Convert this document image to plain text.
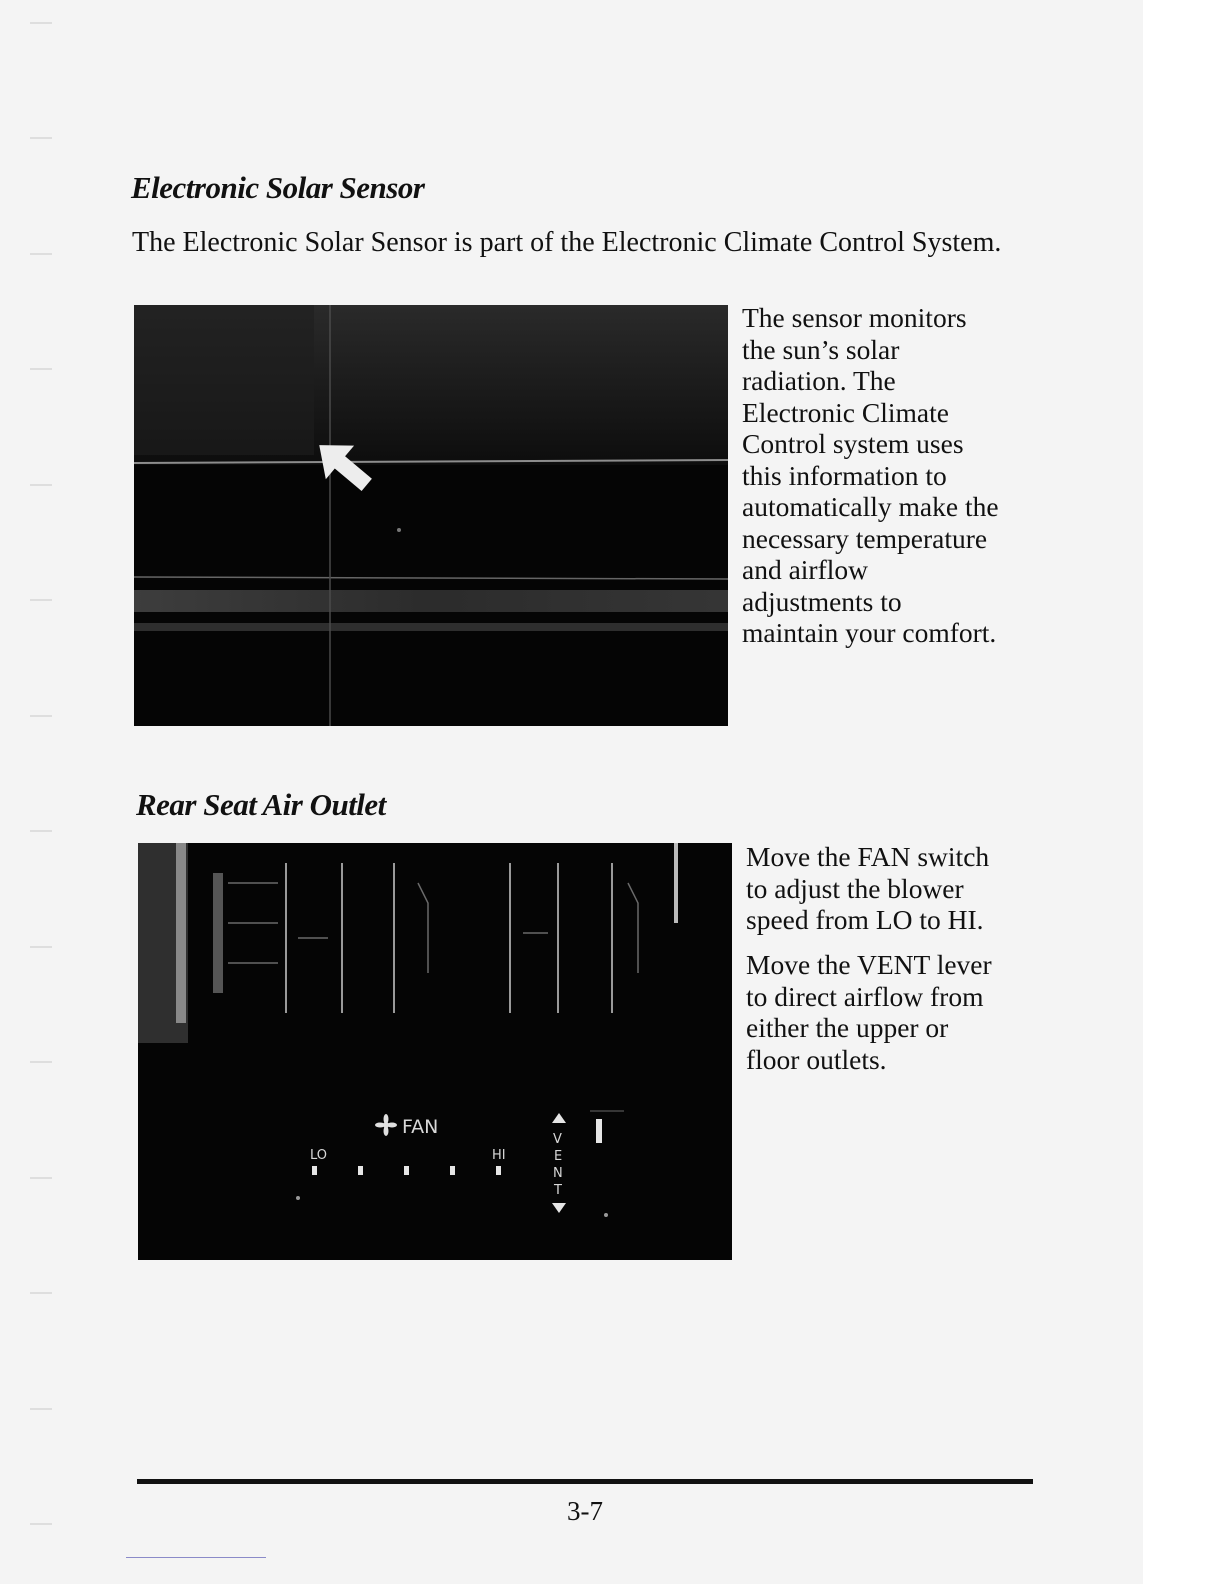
Electronic Solar Sensor

The Electronic Solar Sensor is part of the Electronic Climate Control System.

The sensor monitors

the sun’s solar

radiation. The

Electronic Climate

Control system uses

this information to

automatically make the

necessary temperature

and airflow

adjustments to

maintain your comfort.

Rear Seat Air Outlet
FAN
LO	HI
V
E
N
T

Move the FAN switch

to adjust the blower

speed from LO to HI.

Move the VENT lever

to direct airflow from

either the upper or

floor outlets.

3-7
